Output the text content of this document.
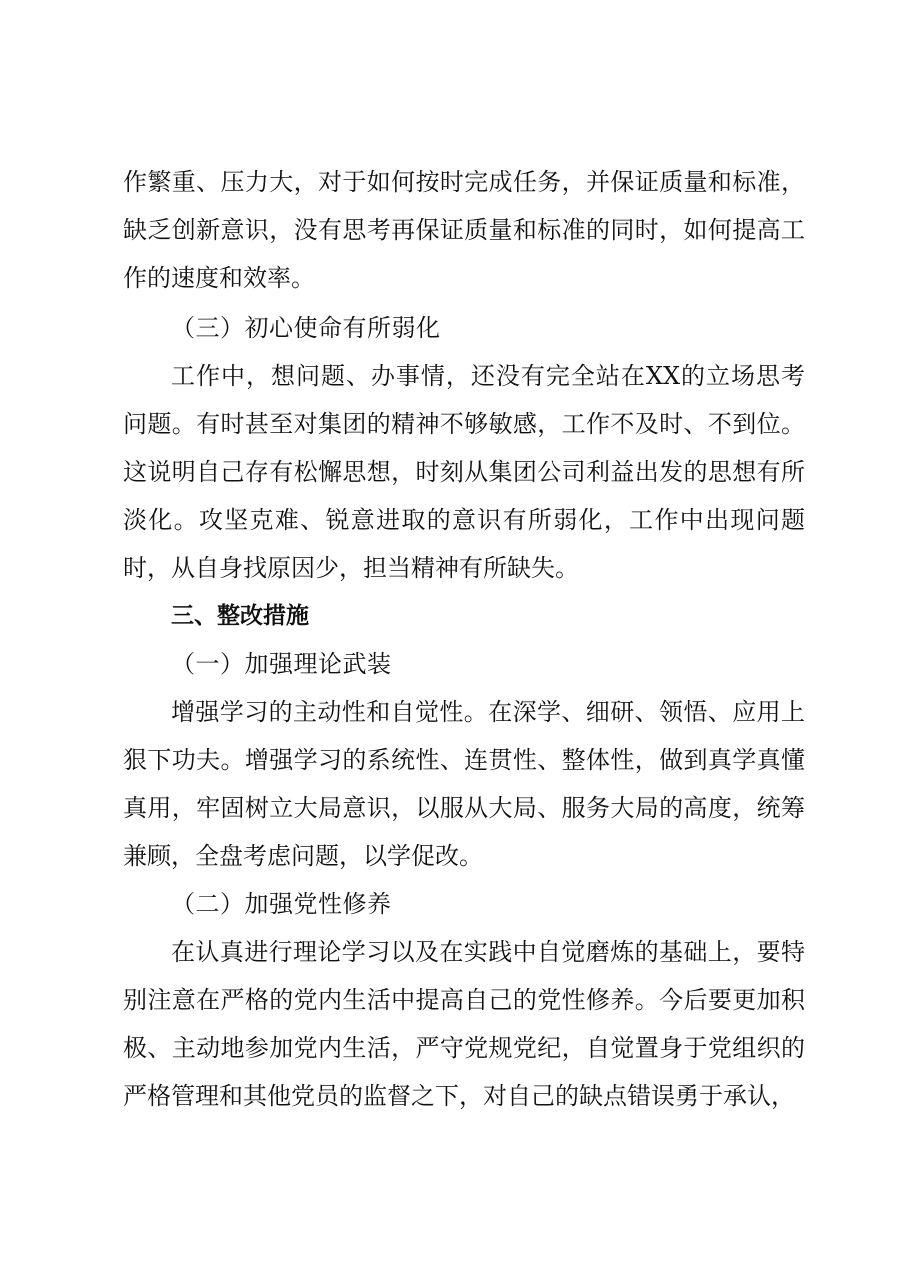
作繁重、压力大，对于如何按时完成任务，并保证质量和标准，缺乏创新意识，没有思考再保证质量和标准的同时，如何提高工作的速度和效率。

（三）初心使命有所弱化

工作中，想问题、办事情，还没有完全站在XX的立场思考问题。有时甚至对集团的精神不够敏感，工作不及时、不到位。这说明自己存有松懈思想，时刻从集团公司利益出发的思想有所淡化。攻坚克难、锐意进取的意识有所弱化，工作中出现问题时，从自身找原因少，担当精神有所缺失。

三、整改措施

（一）加强理论武装

增强学习的主动性和自觉性。在深学、细研、领悟、应用上狠下功夫。增强学习的系统性、连贯性、整体性，做到真学真懂真用，牢固树立大局意识，以服从大局、服务大局的高度，统筹兼顾，全盘考虑问题，以学促改。

（二）加强党性修养

在认真进行理论学习以及在实践中自觉磨炼的基础上，要特别注意在严格的党内生活中提高自己的党性修养。今后要更加积极、主动地参加党内生活，严守党规党纪，自觉置身于党组织的严格管理和其他党员的监督之下，对自己的缺点错误勇于承认，
